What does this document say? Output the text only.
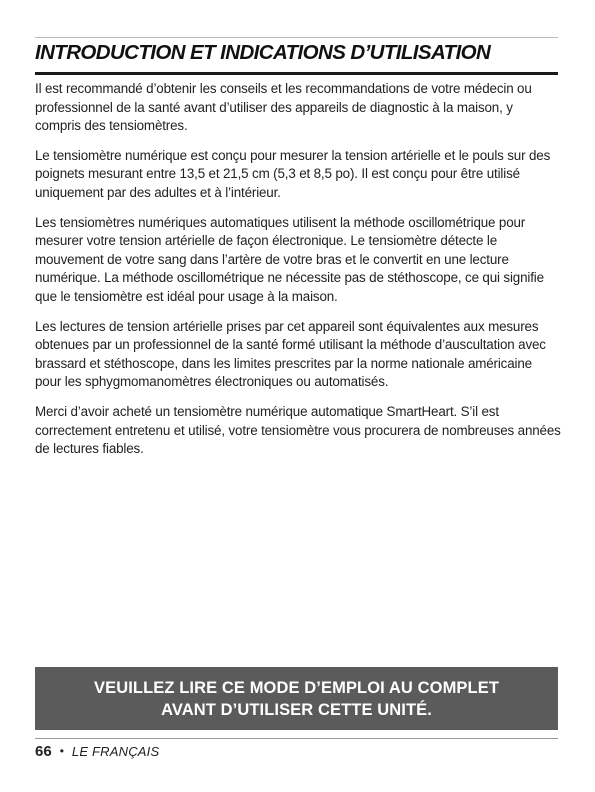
INTRODUCTION ET INDICATIONS D’UTILISATION

Il est recommandé d’obtenir les conseils et les recommandations de votre médecin ou professionnel de la santé avant d’utiliser des appareils de diagnostic à la maison, y compris des tensiomètres.

Le tensiomètre numérique est conçu pour mesurer la tension artérielle et le pouls sur des poignets mesurant entre 13,5 et 21,5 cm (5,3 et 8,5 po). Il est conçu pour être utilisé uniquement par des adultes et à l’intérieur.

Les tensiomètres numériques automatiques utilisent la méthode oscillométrique pour mesurer votre tension artérielle de façon électronique. Le tensiomètre détecte le mouvement de votre sang dans l’artère de votre bras et le convertit en une lecture numérique. La méthode oscillométrique ne nécessite pas de stéthoscope, ce qui signifie que le tensiomètre est idéal pour usage à la maison.

Les lectures de tension artérielle prises par cet appareil sont équivalentes aux mesures obtenues par un professionnel de la santé formé utilisant la méthode d’auscultation avec brassard et stéthoscope, dans les limites prescrites par la norme nationale américaine pour les sphygmomanomètres électroniques ou automatisés.

Merci d’avoir acheté un tensiomètre numérique automatique SmartHeart. S’il est correctement entretenu et utilisé, votre tensiomètre vous procurera de nombreuses années de lectures fiables.

VEUILLEZ LIRE CE MODE D’EMPLOI AU COMPLET
AVANT D’UTILISER CETTE UNITÉ.
66 • LE FRANÇAIS
